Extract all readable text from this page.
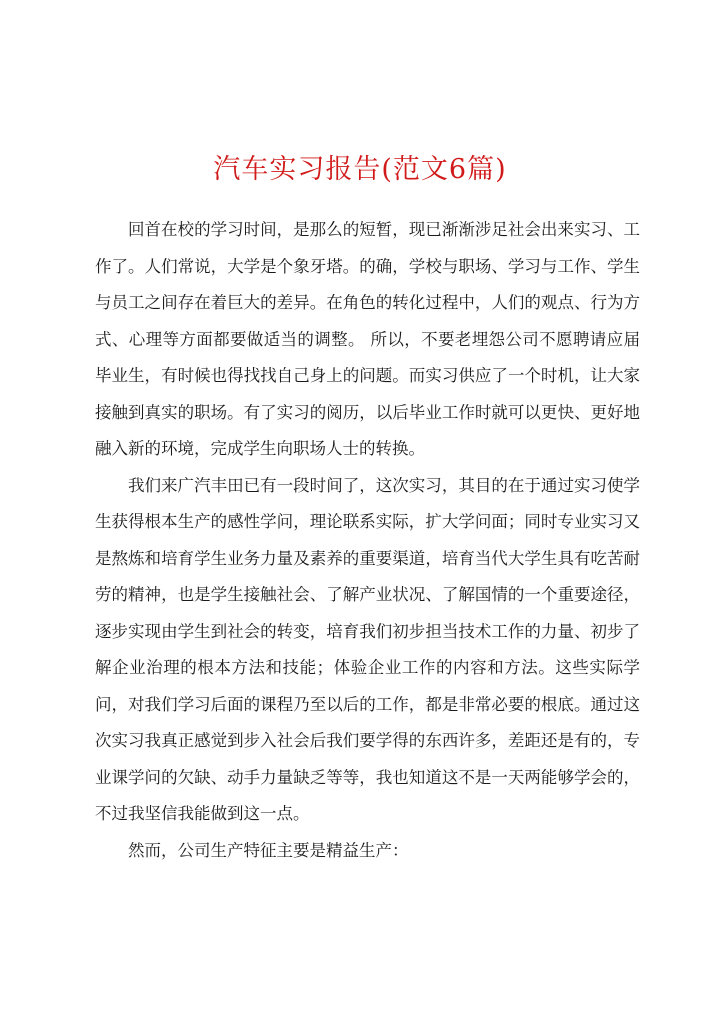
汽车实习报告(范文6篇)

回首在校的学习时间，是那么的短暂，现已渐渐涉足社会出来实习、工作了。人们常说，大学是个象牙塔。的确，学校与职场、学习与工作、学生与员工之间存在着巨大的差异。在角色的转化过程中，人们的观点、行为方式、心理等方面都要做适当的调整。 所以，不要老埋怨公司不愿聘请应届毕业生，有时候也得找找自己身上的问题。而实习供应了一个时机，让大家接触到真实的职场。有了实习的阅历，以后毕业工作时就可以更快、更好地融入新的环境，完成学生向职场人士的转换。

我们来广汽丰田已有一段时间了，这次实习，其目的在于通过实习使学生获得根本生产的感性学问，理论联系实际，扩大学问面；同时专业实习又是熬炼和培育学生业务力量及素养的重要渠道，培育当代大学生具有吃苦耐劳的精神，也是学生接触社会、了解产业状况、了解国情的一个重要途径，逐步实现由学生到社会的转变，培育我们初步担当技术工作的力量、初步了解企业治理的根本方法和技能；体验企业工作的内容和方法。这些实际学问，对我们学习后面的课程乃至以后的工作，都是非常必要的根底。通过这次实习我真正感觉到步入社会后我们要学得的东西许多，差距还是有的，专业课学问的欠缺、动手力量缺乏等等，我也知道这不是一天两能够学会的，不过我坚信我能做到这一点。

然而，公司生产特征主要是精益生产：
